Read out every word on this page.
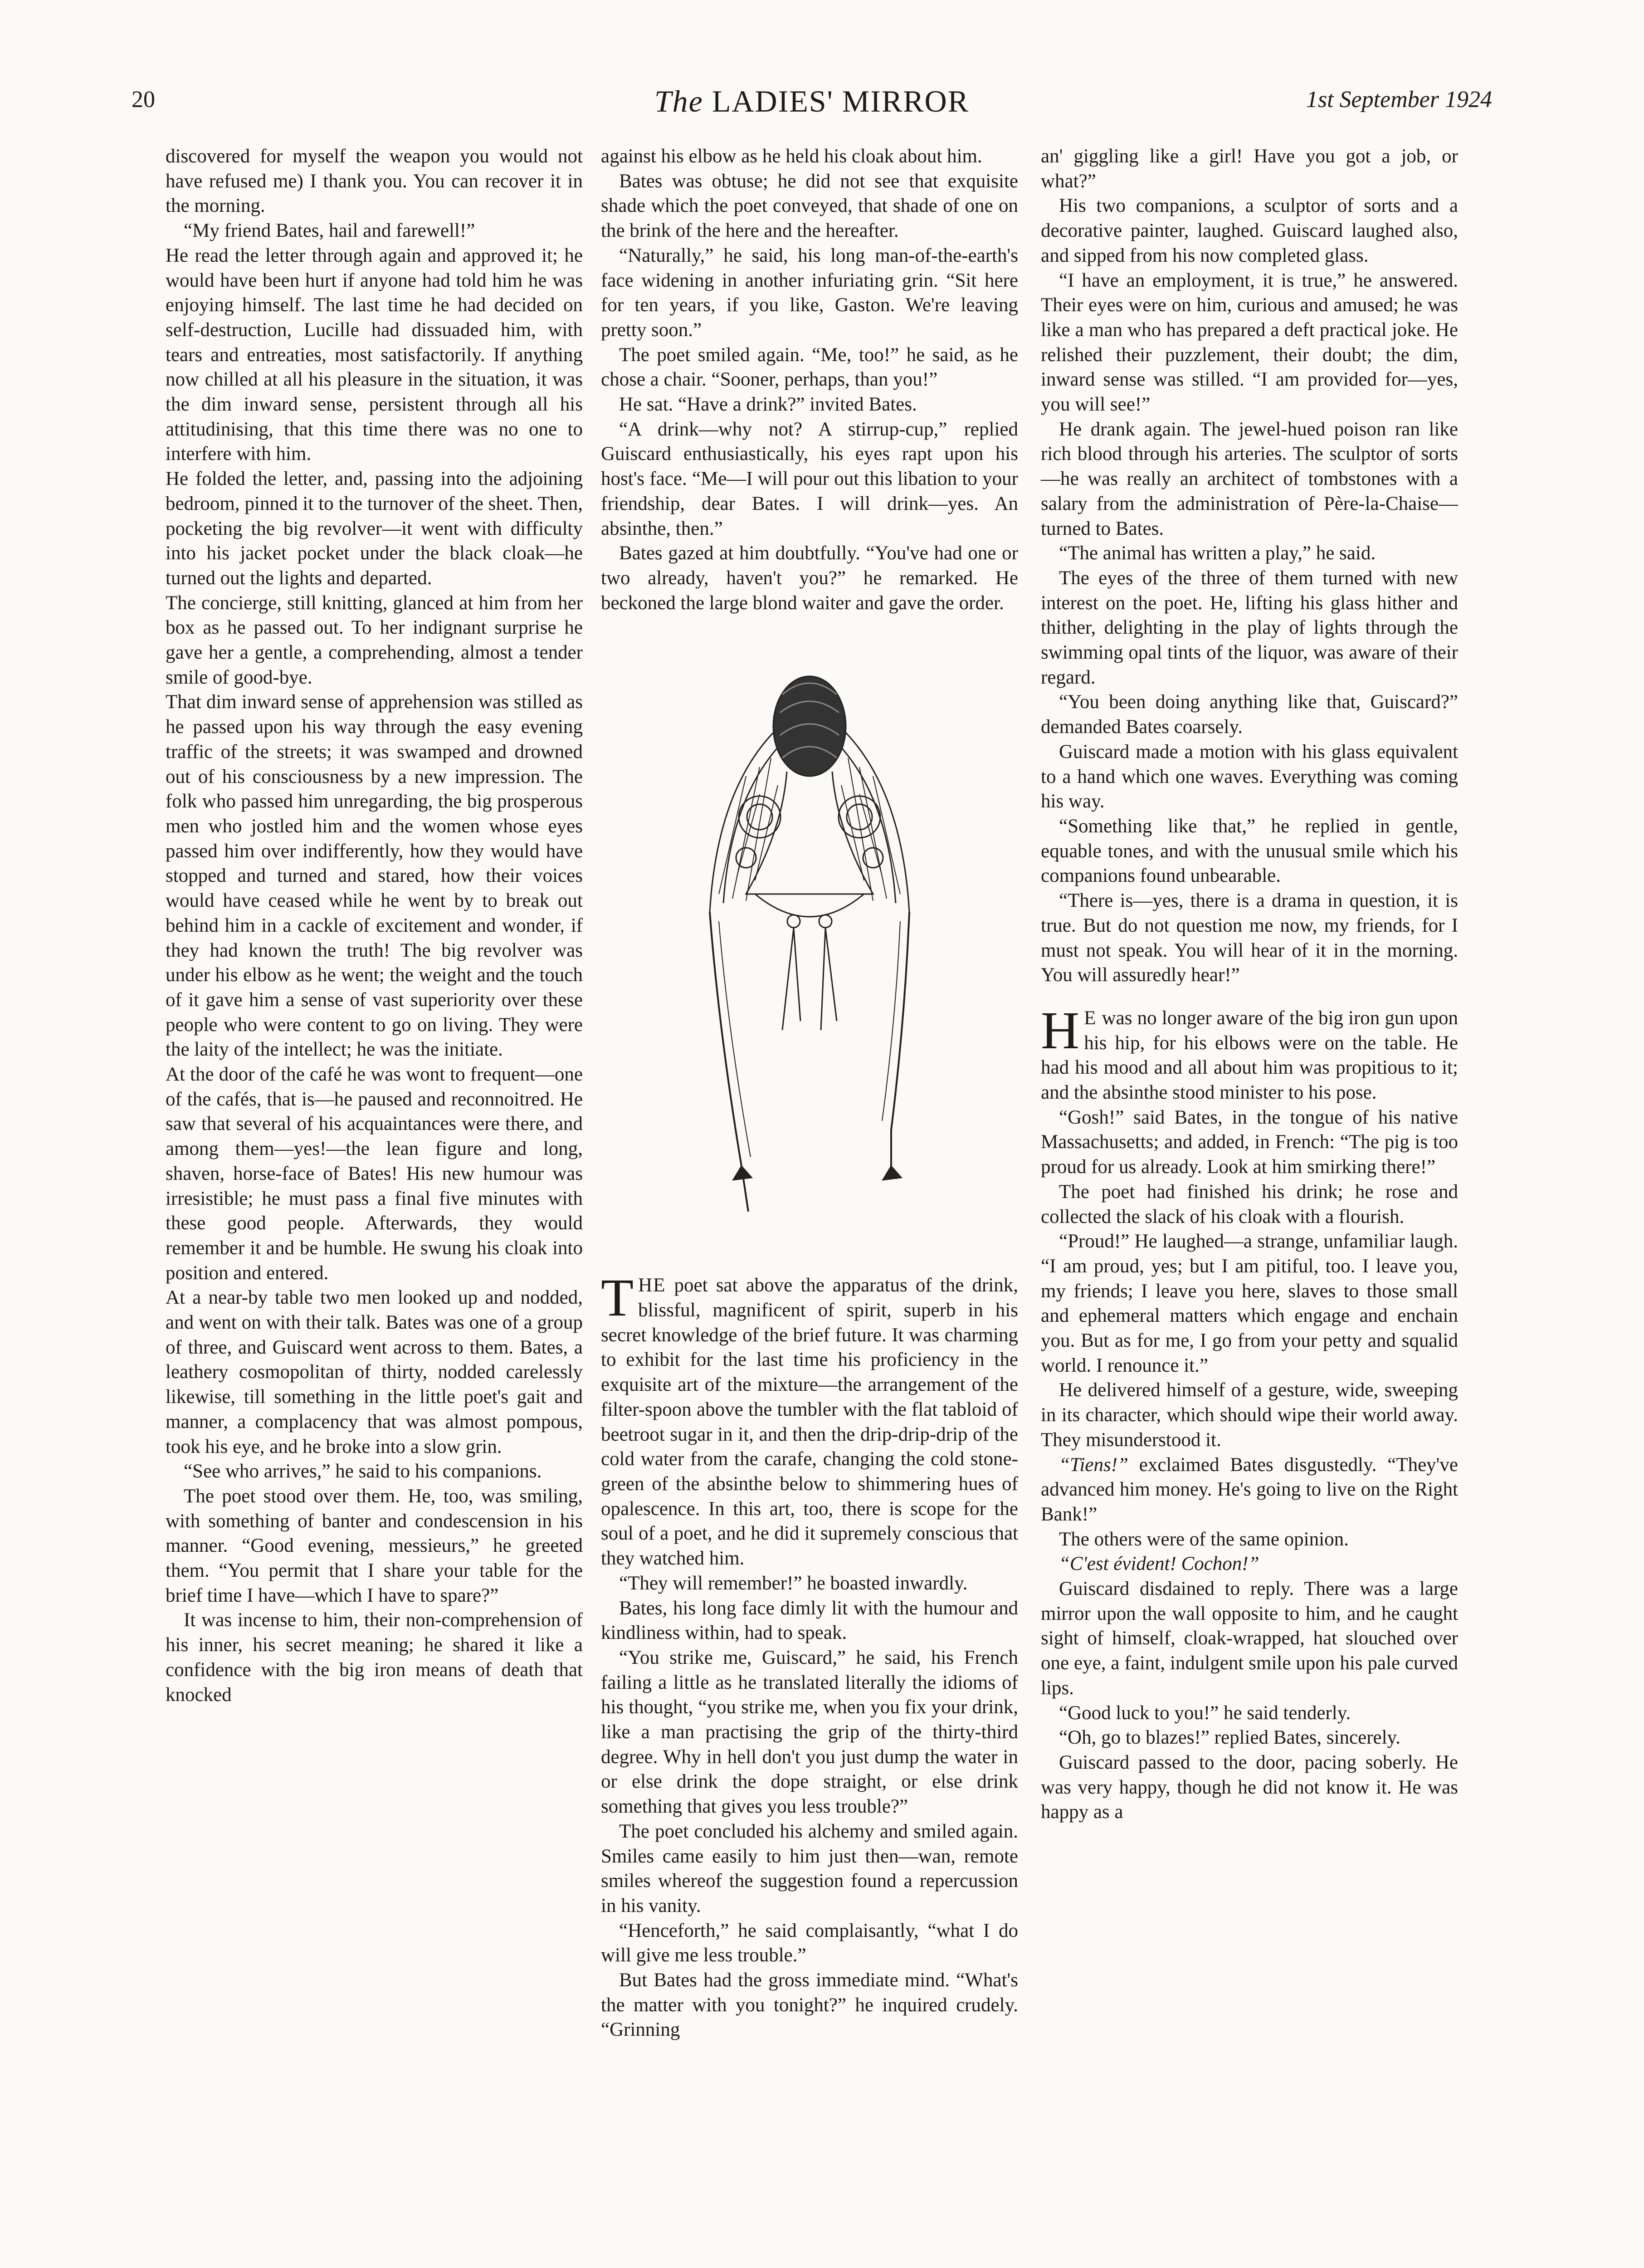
20	The LADIES' MIRROR	1st September 1924

discovered for myself the weapon you would not have refused me) I thank you. You can recover it in the morning.

“My friend Bates, hail and farewell!”

He read the letter through again and approved it; he would have been hurt if anyone had told him he was enjoying himself. The last time he had decided on self-destruction, Lucille had dissuaded him, with tears and entreaties, most satisfactorily. If anything now chilled at all his pleasure in the situation, it was the dim inward sense, persistent through all his attitudinising, that this time there was no one to interfere with him.

He folded the letter, and, passing into the adjoining bedroom, pinned it to the turnover of the sheet. Then, pocketing the big revolver—it went with difficulty into his jacket pocket under the black cloak—he turned out the lights and departed.

The concierge, still knitting, glanced at him from her box as he passed out. To her indignant surprise he gave her a gentle, a comprehending, almost a tender smile of good-bye.

That dim inward sense of apprehension was stilled as he passed upon his way through the easy evening traffic of the streets; it was swamped and drowned out of his consciousness by a new impression. The folk who passed him unregarding, the big prosperous men who jostled him and the women whose eyes passed him over indifferently, how they would have stopped and turned and stared, how their voices would have ceased while he went by to break out behind him in a cackle of excitement and wonder, if they had known the truth! The big revolver was under his elbow as he went; the weight and the touch of it gave him a sense of vast superiority over these people who were content to go on living. They were the laity of the intellect; he was the initiate.

At the door of the café he was wont to frequent—one of the cafés, that is—he paused and reconnoitred. He saw that several of his acquaintances were there, and among them—yes!—the lean figure and long, shaven, horse-face of Bates! His new humour was irresistible; he must pass a final five minutes with these good people. Afterwards, they would remember it and be humble. He swung his cloak into position and entered.

At a near-by table two men looked up and nodded, and went on with their talk. Bates was one of a group of three, and Guiscard went across to them. Bates, a leathery cosmopolitan of thirty, nodded carelessly likewise, till something in the little poet's gait and manner, a complacency that was almost pompous, took his eye, and he broke into a slow grin.

“See who arrives,” he said to his companions.

The poet stood over them. He, too, was smiling, with something of banter and condescension in his manner. “Good evening, messieurs,” he greeted them. “You permit that I share your table for the brief time I have—which I have to spare?”

It was incense to him, their non-comprehension of his inner, his secret meaning; he shared it like a confidence with the big iron means of death that knocked

against his elbow as he held his cloak about him.

Bates was obtuse; he did not see that exquisite shade which the poet conveyed, that shade of one on the brink of the here and the hereafter.

“Naturally,” he said, his long man-of-the-earth's face widening in another infuriating grin. “Sit here for ten years, if you like, Gaston. We're leaving pretty soon.”

The poet smiled again. “Me, too!” he said, as he chose a chair. “Sooner, perhaps, than you!”

He sat. “Have a drink?” invited Bates.

“A drink—why not? A stirrup-cup,” replied Guiscard enthusiastically, his eyes rapt upon his host's face. “Me—I will pour out this libation to your friendship, dear Bates. I will drink—yes. An absinthe, then.”

Bates gazed at him doubtfully. “You've had one or two already, haven't you?” he remarked. He beckoned the large blond waiter and gave the order.

THE poet sat above the apparatus of the drink, blissful, magnificent of spirit, superb in his secret knowledge of the brief future. It was charming to exhibit for the last time his proficiency in the exquisite art of the mixture—the arrangement of the filter-spoon above the tumbler with the flat tabloid of beetroot sugar in it, and then the drip-drip-drip of the cold water from the carafe, changing the cold stone-green of the absinthe below to shimmering hues of opalescence. In this art, too, there is scope for the soul of a poet, and he did it supremely conscious that they watched him.

“They will remember!” he boasted inwardly.

Bates, his long face dimly lit with the humour and kindliness within, had to speak.

“You strike me, Guiscard,” he said, his French failing a little as he translated literally the idioms of his thought, “you strike me, when you fix your drink, like a man practising the grip of the thirty-third degree. Why in hell don't you just dump the water in or else drink the dope straight, or else drink something that gives you less trouble?”

The poet concluded his alchemy and smiled again. Smiles came easily to him just then—wan, remote smiles whereof the suggestion found a repercussion in his vanity.

“Henceforth,” he said complaisantly, “what I do will give me less trouble.”

But Bates had the gross immediate mind. “What's the matter with you tonight?” he inquired crudely. “Grinning

an' giggling like a girl! Have you got a job, or what?”

His two companions, a sculptor of sorts and a decorative painter, laughed. Guiscard laughed also, and sipped from his now completed glass.

“I have an employment, it is true,” he answered. Their eyes were on him, curious and amused; he was like a man who has prepared a deft practical joke. He relished their puzzlement, their doubt; the dim, inward sense was stilled. “I am provided for—yes, you will see!”

He drank again. The jewel-hued poison ran like rich blood through his arteries. The sculptor of sorts—he was really an architect of tombstones with a salary from the administration of Père-la-Chaise—turned to Bates.

“The animal has written a play,” he said.

The eyes of the three of them turned with new interest on the poet. He, lifting his glass hither and thither, delighting in the play of lights through the swimming opal tints of the liquor, was aware of their regard.

“You been doing anything like that, Guiscard?” demanded Bates coarsely.

Guiscard made a motion with his glass equivalent to a hand which one waves. Everything was coming his way.

“Something like that,” he replied in gentle, equable tones, and with the unusual smile which his companions found unbearable.

“There is—yes, there is a drama in question, it is true. But do not question me now, my friends, for I must not speak. You will hear of it in the morning. You will assuredly hear!”

H E was no longer aware of the big iron gun upon his hip, for his elbows were on the table. He had his mood and all about him was propitious to it; and the absinthe stood minister to his pose.

“Gosh!” said Bates, in the tongue of his native Massachusetts; and added, in French: “The pig is too proud for us already. Look at him smirking there!”

The poet had finished his drink; he rose and collected the slack of his cloak with a flourish.

“Proud!” He laughed—a strange, unfamiliar laugh. “I am proud, yes; but I am pitiful, too. I leave you, my friends; I leave you here, slaves to those small and ephemeral matters which engage and enchain you. But as for me, I go from your petty and squalid world. I renounce it.”

He delivered himself of a gesture, wide, sweeping in its character, which should wipe their world away. They misunderstood it.

“Tiens!” exclaimed Bates disgustedly. “They've advanced him money. He's going to live on the Right Bank!”

The others were of the same opinion.

“C'est évident! Cochon!”

Guiscard disdained to reply. There was a large mirror upon the wall opposite to him, and he caught sight of himself, cloak-wrapped, hat slouched over one eye, a faint, indulgent smile upon his pale curved lips.

“Good luck to you!” he said tenderly.

“Oh, go to blazes!” replied Bates, sincerely.

Guiscard passed to the door, pacing soberly. He was very happy, though he did not know it. He was happy as a
